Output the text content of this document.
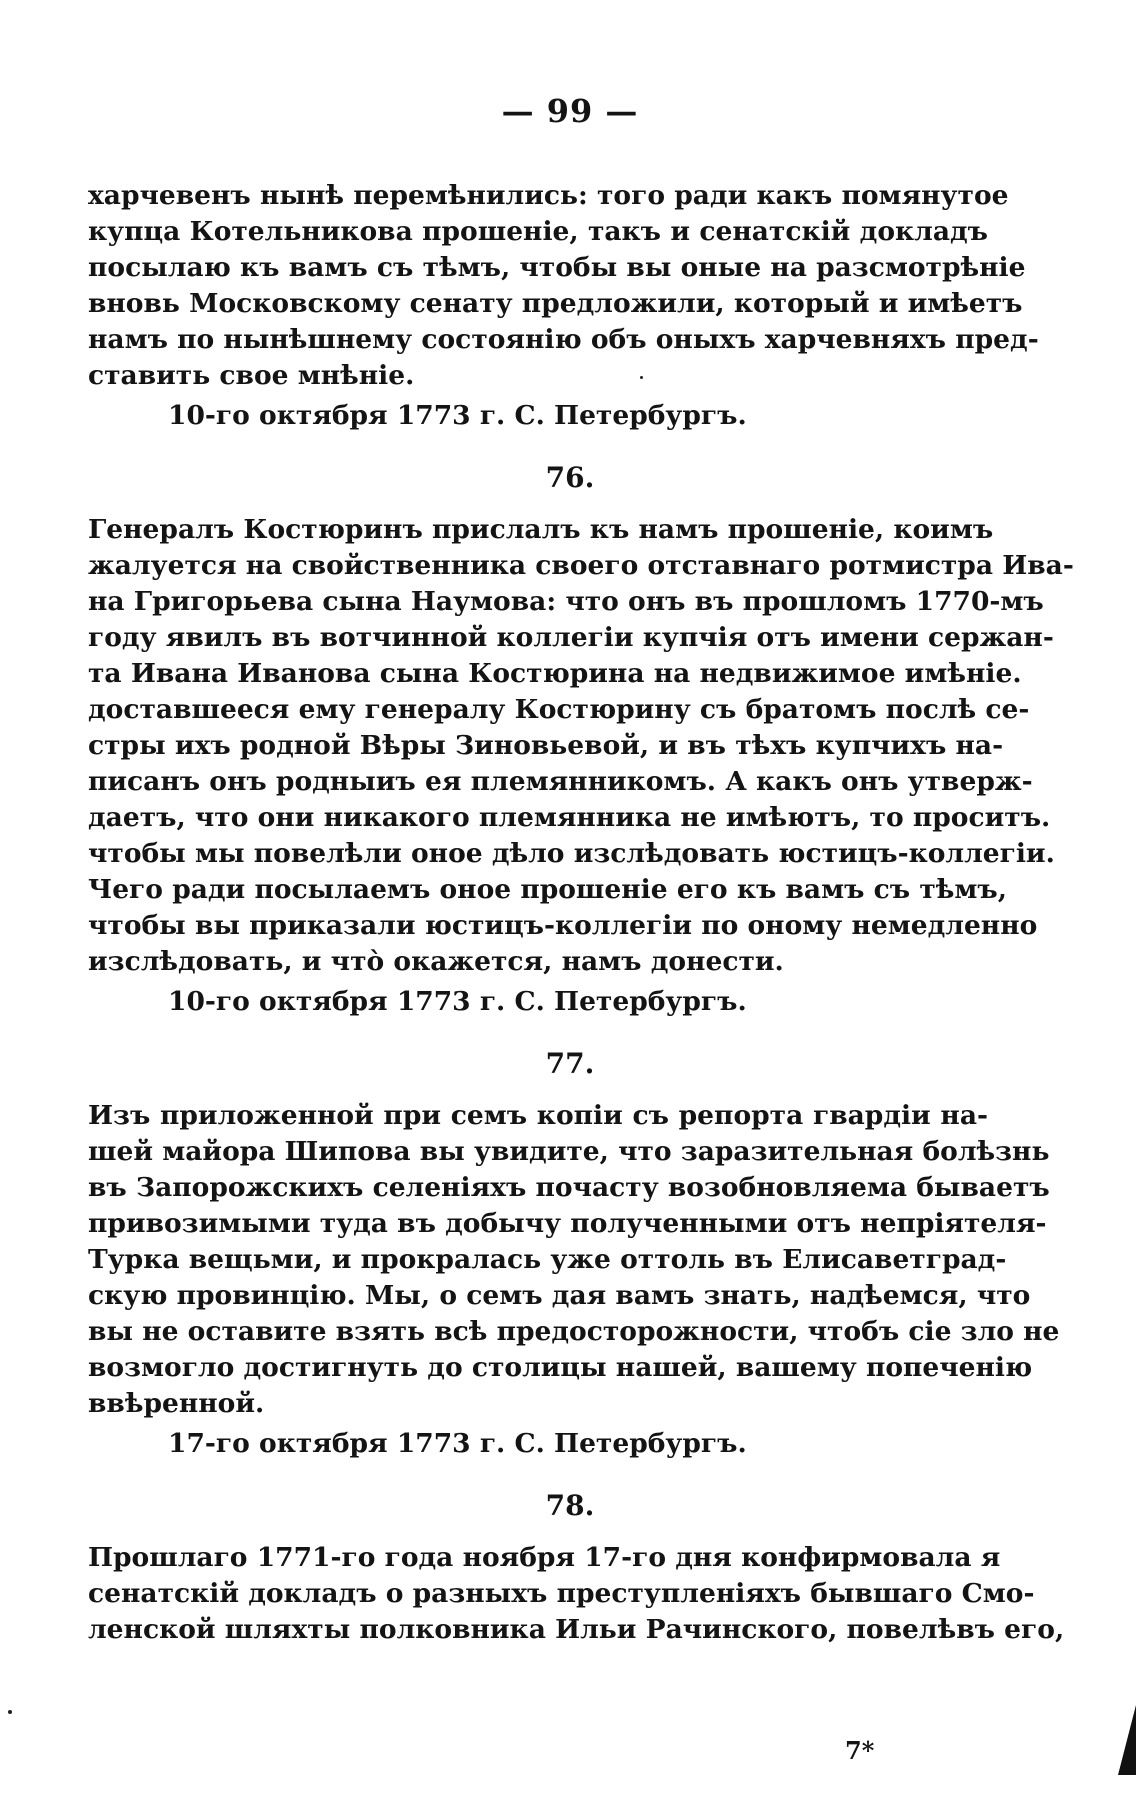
— 99 —
харчевенъ нынѣ перемѣнились: того ради какъ помянутое
купца Котельникова прошеніе, такъ и сенатскій докладъ
посылаю къ вамъ съ тѣмъ, чтобы вы оные на разсмотрѣніе
вновь Московскому сенату предложили, который и имѣетъ
намъ по нынѣшнему состоянію объ оныхъ харчевняхъ пред-
ставить свое мнѣніе.
10-го октября 1773 г. С. Петербургъ.
76.
Генералъ Костюринъ прислалъ къ намъ прошеніе, коимъ
жалуется на свойственника своего отставнаго ротмистра Ива-
на Григорьева сына Наумова: что онъ въ прошломъ 1770-мъ
году явилъ въ вотчинной коллегіи купчія отъ имени сержан-
та Ивана Иванова сына Костюрина на недвижимое имѣніе.
доставшееся ему генералу Костюрину съ братомъ послѣ се-
стры ихъ родной Вѣры Зиновьевой, и въ тѣхъ купчихъ на-
писанъ онъ родныиъ ея племянникомъ. А какъ онъ утверж-
даетъ, что они никакого племянника не имѣютъ, то проситъ.
чтобы мы повелѣли оное дѣло изслѣдовать юстицъ-коллегіи.
Чего ради посылаемъ оное прошеніе его къ вамъ съ тѣмъ,
чтобы вы приказали юстицъ-коллегіи по оному немедленно
изслѣдовать, и что̀ окажется, намъ донести.
10-го октября 1773 г. С. Петербургъ.
77.
Изъ приложенной при семъ копіи съ репорта гвардіи на-
шей майора Шипова вы увидите, что заразительная болѣзнь
въ Запорожскихъ селеніяхъ почасту возобновляема бываетъ
привозимыми туда въ добычу полученными отъ непріятеля-
Турка вещьми, и прокралась уже оттоль въ Елисаветград-
скую провинцію. Мы, о семъ дая вамъ знать, надѣемся, что
вы не оставите взять всѣ предосторожности, чтобъ сіе зло не
возмогло достигнуть до столицы нашей, вашему попеченію
ввѣренной.
17-го октября 1773 г. С. Петербургъ.
78.
Прошлаго 1771-го года ноября 17-го дня конфирмовала я
сенатскій докладъ о разныхъ преступленіяхъ бывшаго Смо-
ленской шляхты полковника Ильи Рачинского, повелѣвъ его,
7*
